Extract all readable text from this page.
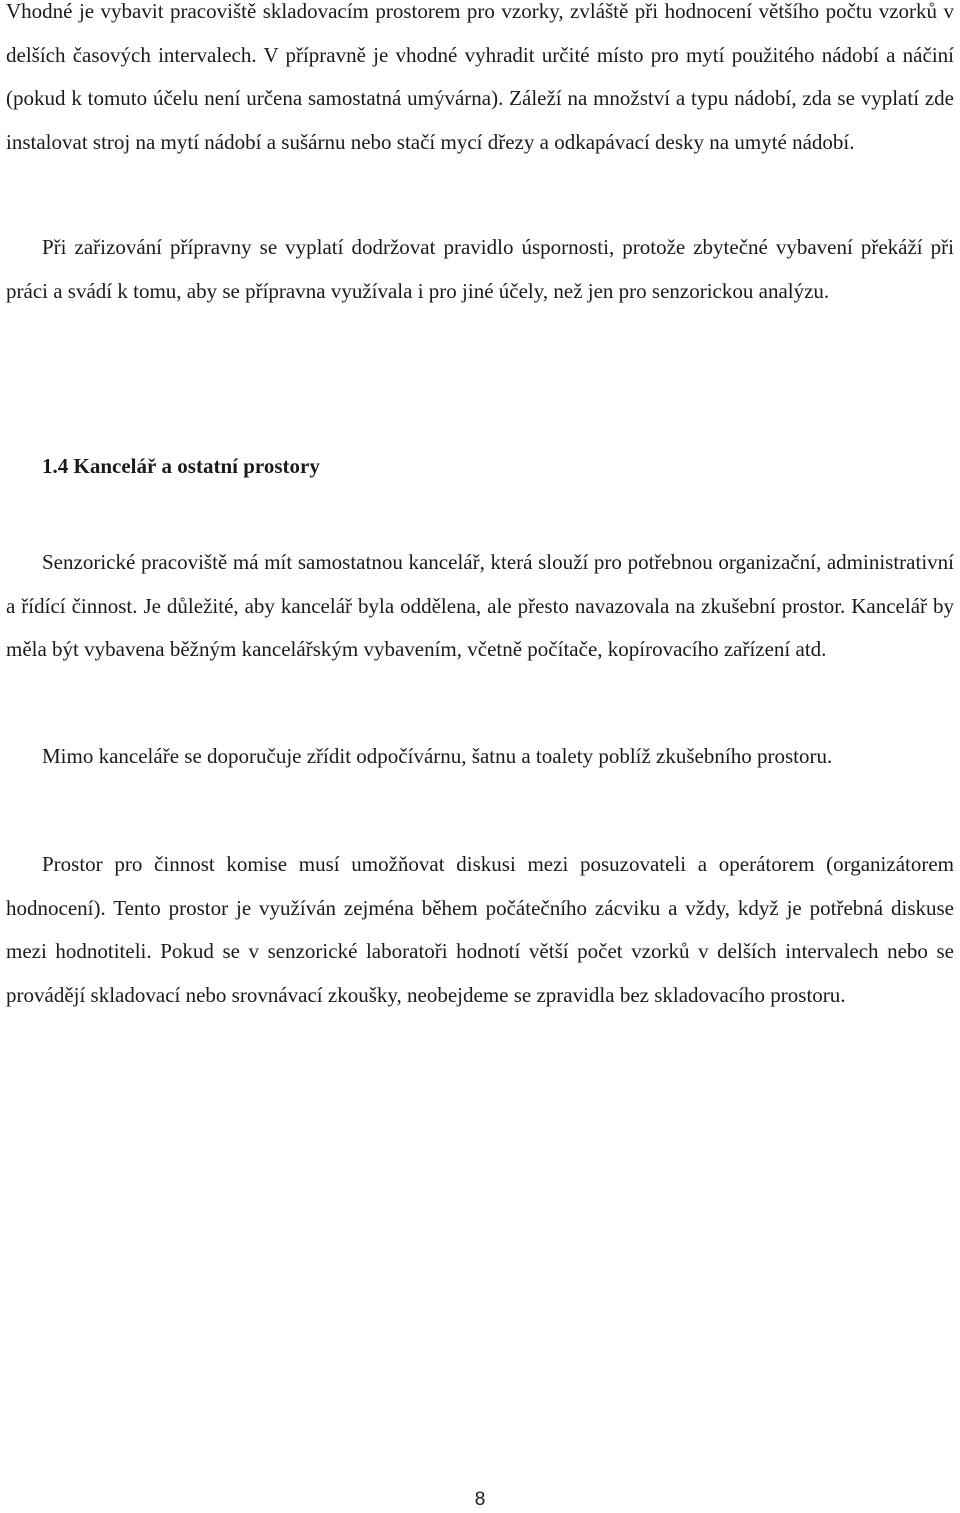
Vhodné je vybavit pracoviště skladovacím prostorem pro vzorky, zvláště při hodnocení většího počtu vzorků v delších časových intervalech. V přípravně je vhodné vyhradit určité místo pro mytí použitého nádobí a náčiní (pokud k tomuto účelu není určena samostatná umývárna). Záleží na množství a typu nádobí, zda se vyplatí zde instalovat stroj na mytí nádobí a sušárnu nebo stačí mycí dřezy a odkapávací desky na umyté nádobí.

Při zařizování přípravny se vyplatí dodržovat pravidlo úspornosti, protože zbytečné vybavení překáží při práci a svádí k tomu, aby se přípravna využívala i pro jiné účely, než jen pro senzorickou analýzu.

1.4 Kancelář a ostatní prostory

Senzorické pracoviště má mít samostatnou kancelář, která slouží pro potřebnou organizační, administrativní a řídící činnost. Je důležité, aby kancelář byla oddělena, ale přesto navazovala na zkušební prostor. Kancelář by měla být vybavena běžným kancelářským vybavením, včetně počítače, kopírovacího zařízení atd.

Mimo kanceláře se doporučuje zřídit odpočívárnu, šatnu a toalety poblíž zkušebního prostoru.

Prostor pro činnost komise musí umožňovat diskusi mezi posuzovateli a operátorem (organizátorem hodnocení). Tento prostor je využíván zejména během počátečního zácviku a vždy, když je potřebná diskuse mezi hodnotiteli. Pokud se v senzorické laboratoři hodnotí větší počet vzorků v delších intervalech nebo se provádějí skladovací nebo srovnávací zkoušky, neobejdeme se zpravidla bez skladovacího prostoru.

8
